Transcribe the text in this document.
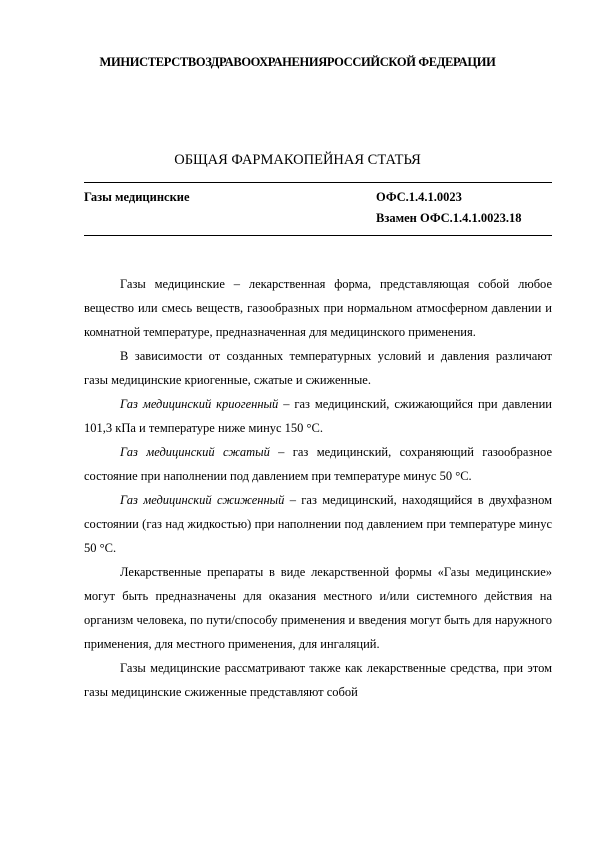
МИНИСТЕРСТВОЗДРАВООХРАНЕНИЯРОССИЙСКОЙ ФЕДЕРАЦИИ
ОБЩАЯ ФАРМАКОПЕЙНАЯ СТАТЬЯ
Газы медицинские	ОФС.1.4.1.0023
Взамен ОФС.1.4.1.0023.18

Газы медицинские – лекарственная форма, представляющая собой любое вещество или смесь веществ, газообразных при нормальном атмосферном давлении и комнатной температуре, предназначенная для медицинского применения.

В зависимости от созданных температурных условий и давления различают газы медицинские криогенные, сжатые и сжиженные.

Газ медицинский криогенный – газ медицинский, сжижающийся при давлении 101,3 кПа и температуре ниже минус 150 °С.

Газ медицинский сжатый – газ медицинский, сохраняющий газообразное состояние при наполнении под давлением при температуре минус 50 °С.

Газ медицинский сжиженный – газ медицинский, находящийся в двухфазном состоянии (газ над жидкостью) при наполнении под давлением при температуре минус 50 °С.

Лекарственные препараты в виде лекарственной формы «Газы медицинские» могут быть предназначены для оказания местного и/или системного действия на организм человека, по пути/способу применения и введения могут быть для наружного применения, для местного применения, для ингаляций.

Газы медицинские рассматривают также как лекарственные средства, при этом газы медицинские сжиженные представляют собой
